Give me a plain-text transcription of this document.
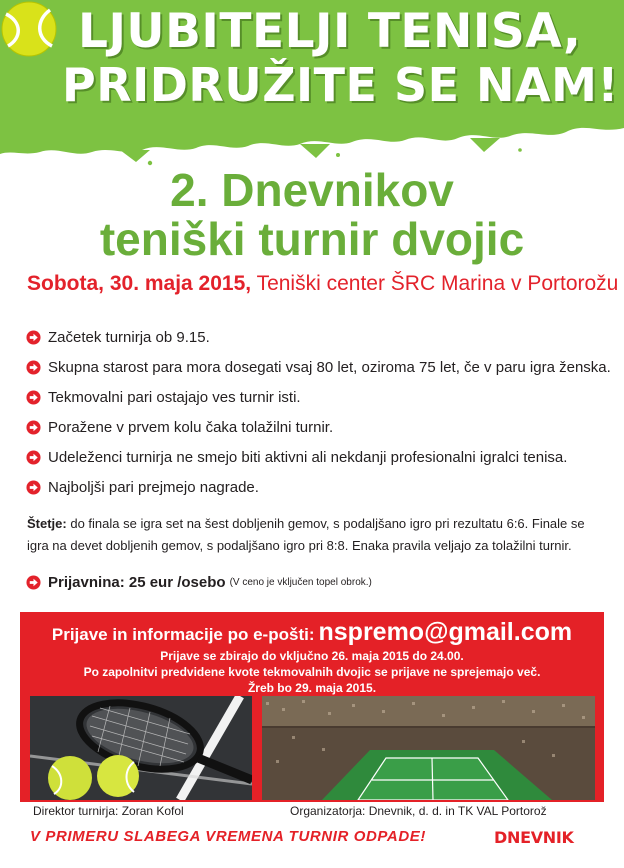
LJUBITELJI TENISA,
PRIDRUŽITE SE NAM!
2. Dnevnikov
teniški turnir dvojic
Sobota, 30. maja 2015, Teniški center ŠRC Marina v Portorožu
Začetek turnirja ob 9.15.
Skupna starost para mora dosegati vsaj 80 let, oziroma 75 let, če v paru igra ženska.
Tekmovalni pari ostajajo ves turnir isti.
Poražene v prvem kolu čaka tolažilni turnir.
Udeleženci turnirja ne smejo biti aktivni ali nekdanji profesionalni igralci tenisa.
Najboljši pari prejmejo nagrade.
Štetje: do finala se igra set na šest dobljenih gemov, s podaljšano igro pri rezultatu 6:6. Finale se igra na devet dobljenih gemov, s podaljšano igro pri 8:8. Enaka pravila veljajo za tolažilni turnir.
Prijavnina: 25 eur /osebo (V ceno je vključen topel obrok.)
Prijave in informacije po e-pošti: nspremo@gmail.com
Prijave se zbirajo do vključno 26. maja 2015 do 24.00.
Po zapolnitvi predvidene kvote tekmovalnih dvojic se prijave ne sprejemajo več.
Žreb bo 29. maja 2015.
Direktor turnirja: Zoran Kofol	Organizatorja: Dnevnik, d. d. in TK VAL Portorož
V PRIMERU SLABEGA VREMENA TURNIR ODPADE!	DNEVNIK
